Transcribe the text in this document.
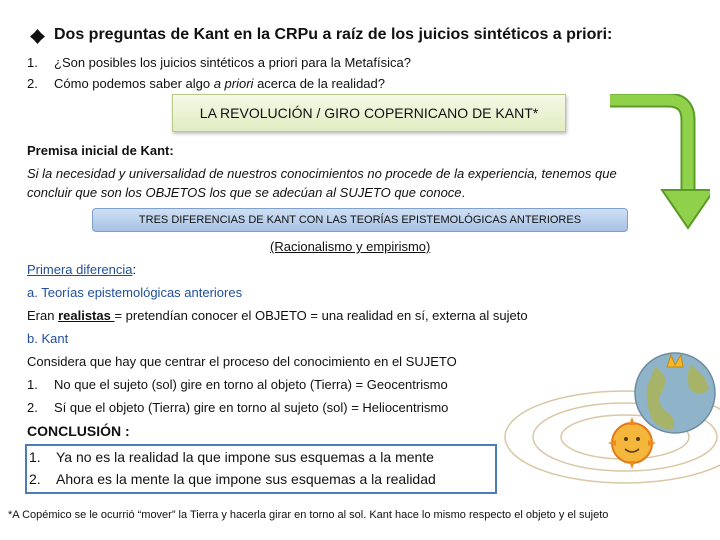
Dos preguntas de Kant en la CRPu a raíz de los juicios sintéticos a priori:
1. ¿Son posibles los juicios sintéticos a priori para la Metafísica?
2. Cómo podemos saber algo a priori acerca de la realidad?
LA REVOLUCIÓN / GIRO COPERNICANO DE KANT*
Premisa inicial de Kant:
Si la necesidad y universalidad de nuestros conocimientos no procede de la experiencia, tenemos que
concluir que son los OBJETOS los que se adecúan al SUJETO que conoce.
TRES DIFERENCIAS DE KANT CON LAS TEORÍAS EPISTEMOLÓGICAS ANTERIORES
(Racionalismo y empirismo)
Primera diferencia:
a. Teorías epistemológicas anteriores
Eran realistas = pretendían conocer el OBJETO = una realidad en sí, externa al sujeto
b. Kant
Considera que hay que centrar el proceso del conocimiento en el SUJETO
1. No que el sujeto (sol) gire en torno al objeto (Tierra) = Geocentrismo
2. Sí que el objeto (Tierra) gire en torno al sujeto (sol) = Heliocentrismo
CONCLUSIÓN :
1. Ya no es la realidad la que impone sus esquemas a la mente
2. Ahora es la mente la que impone sus esquemas a la realidad
*A Copémico se le ocurrió “mover” la Tierra y hacerla girar en torno al sol. Kant hace lo mismo respecto el objeto y el sujeto
